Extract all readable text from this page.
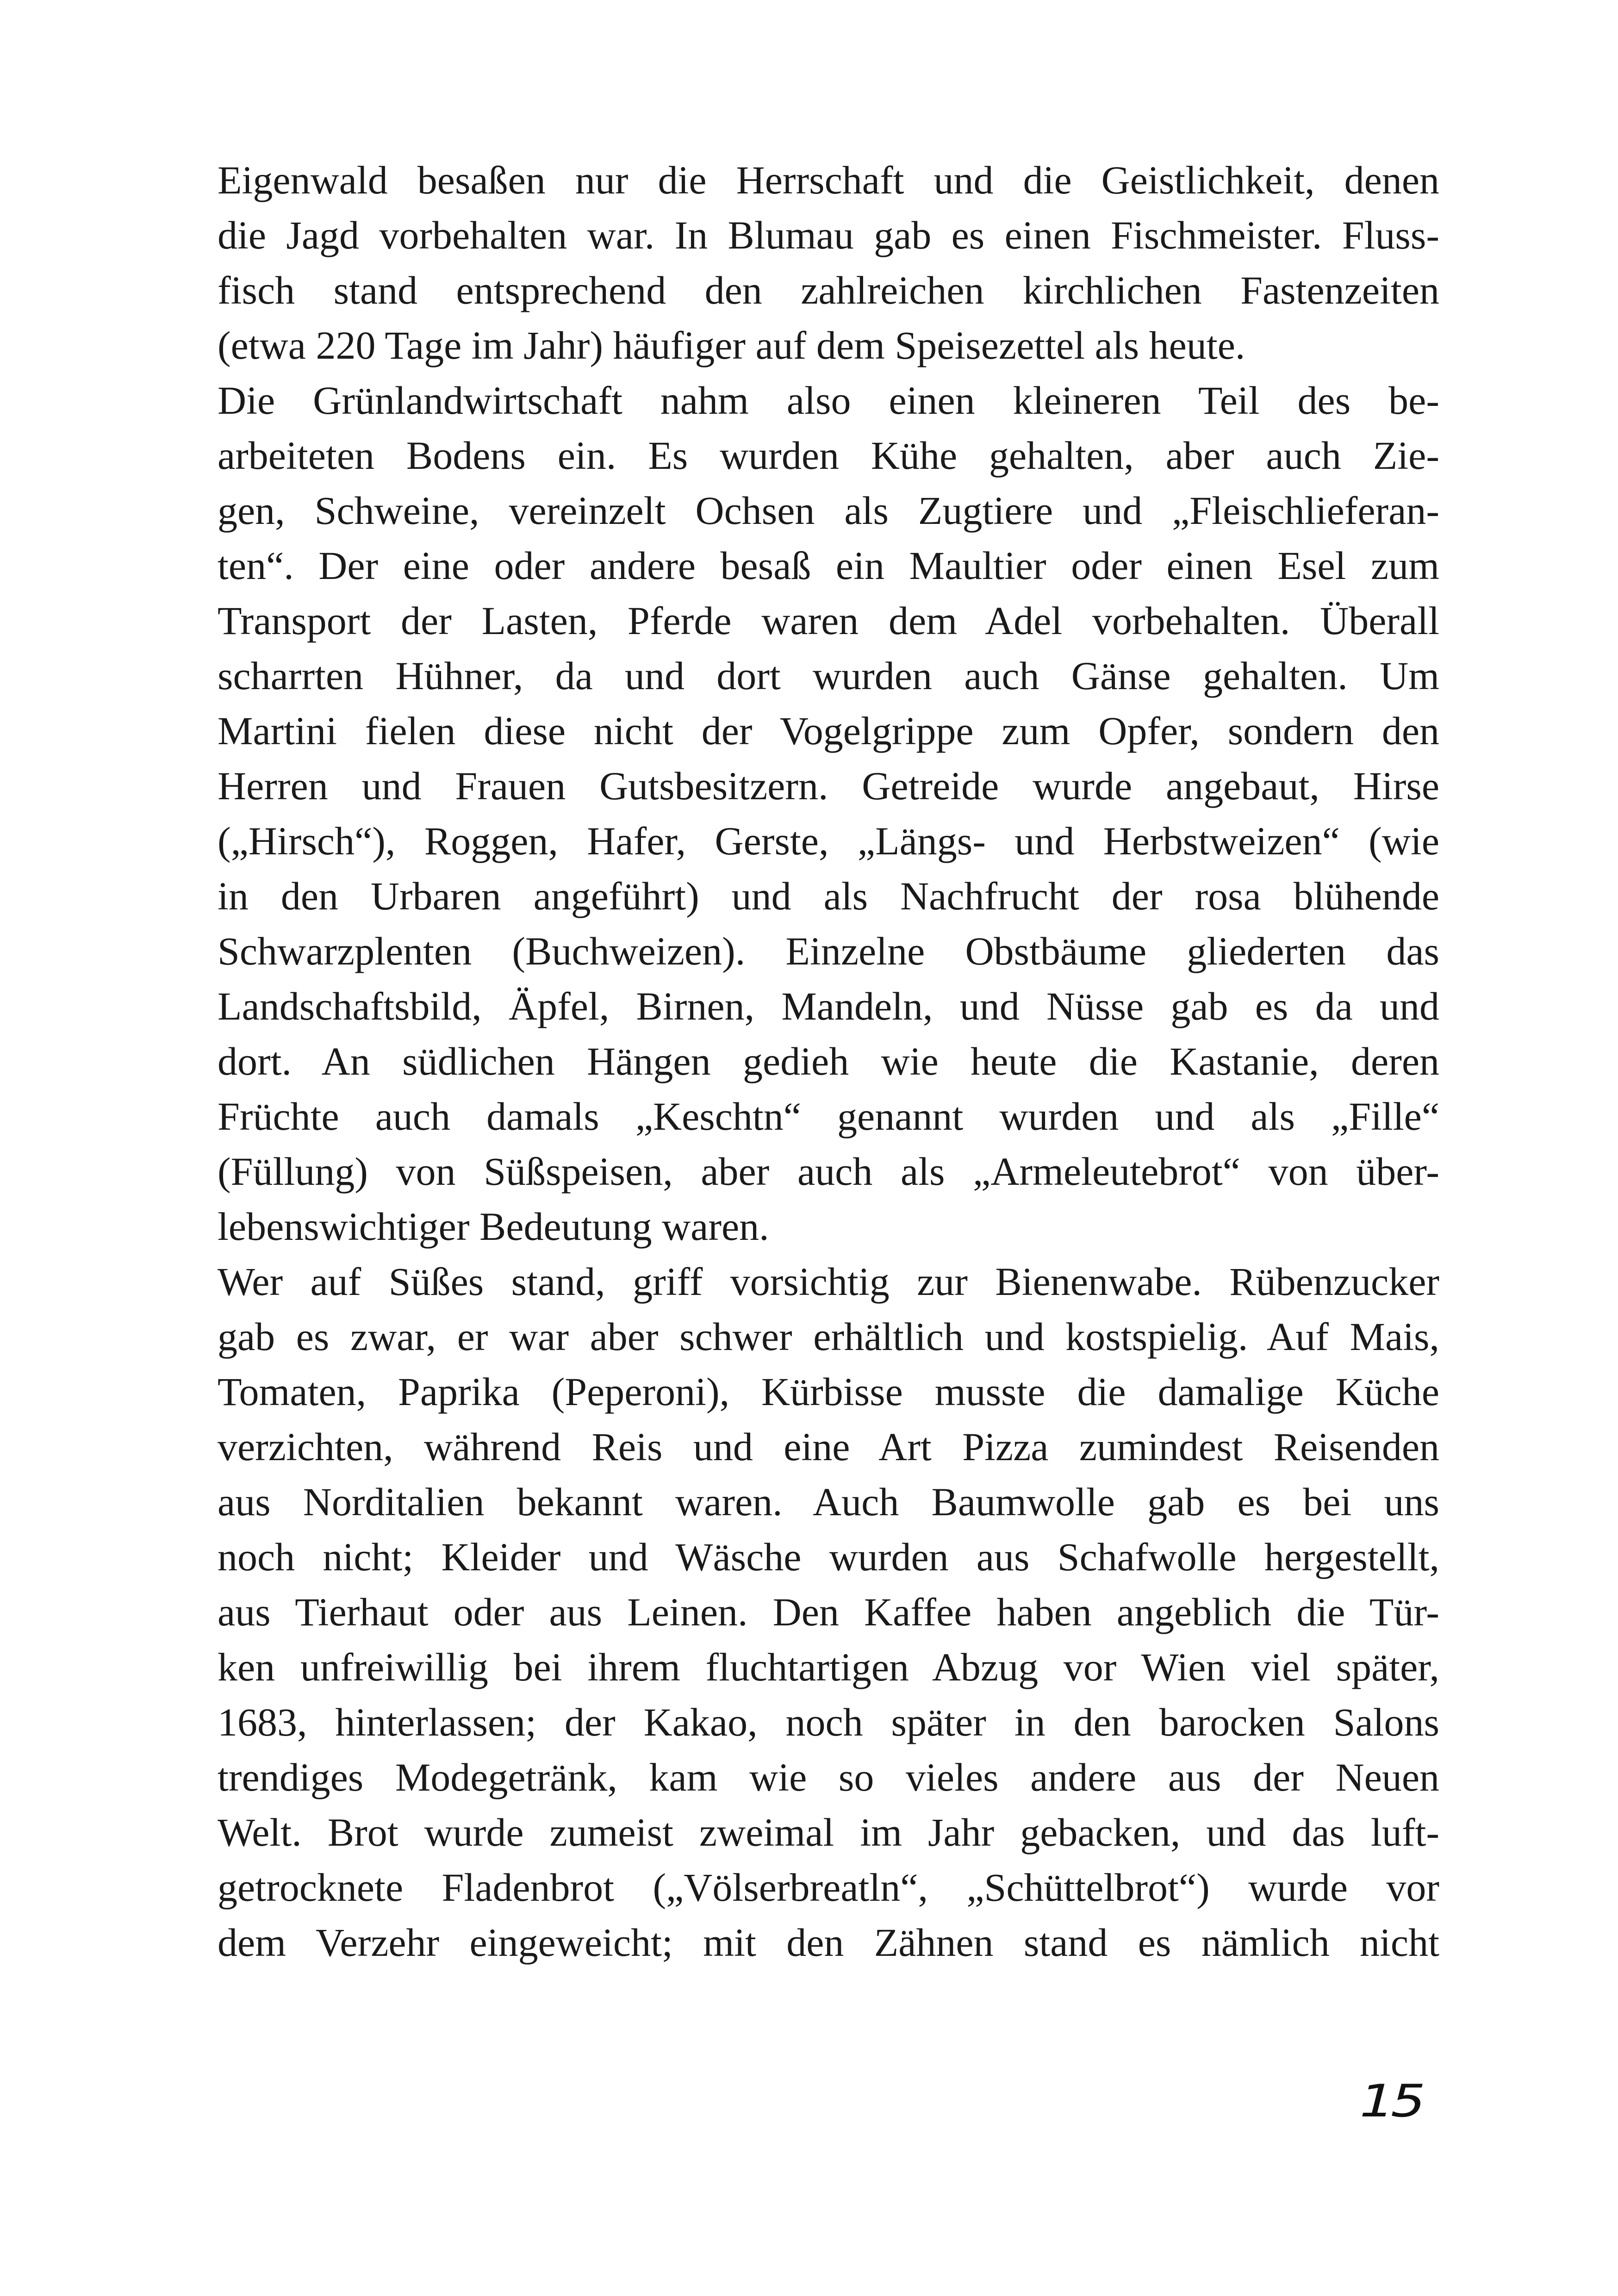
Eigenwald besaßen nur die Herrschaft und die Geistlichkeit, denen
die Jagd vorbehalten war. In Blumau gab es einen Fischmeister. Fluss-
fisch stand entsprechend den zahlreichen kirchlichen Fastenzeiten
(etwa 220 Tage im Jahr) häufiger auf dem Speisezettel als heute.
Die Grünlandwirtschaft nahm also einen kleineren Teil des be-
arbeiteten Bodens ein. Es wurden Kühe gehalten, aber auch Zie-
gen, Schweine, vereinzelt Ochsen als Zugtiere und „Fleischlieferan-
ten“. Der eine oder andere besaß ein Maultier oder einen Esel zum
Transport der Lasten, Pferde waren dem Adel vorbehalten. Überall
scharrten Hühner, da und dort wurden auch Gänse gehalten. Um
Martini fielen diese nicht der Vogelgrippe zum Opfer, sondern den
Herren und Frauen Gutsbesitzern. Getreide wurde angebaut, Hirse
(„Hirsch“), Roggen, Hafer, Gerste, „Längs- und Herbstweizen“ (wie
in den Urbaren angeführt) und als Nachfrucht der rosa blühende
Schwarzplenten (Buchweizen). Einzelne Obstbäume gliederten das
Landschaftsbild, Äpfel, Birnen, Mandeln, und Nüsse gab es da und
dort. An südlichen Hängen gedieh wie heute die Kastanie, deren
Früchte auch damals „Keschtn“ genannt wurden und als „Fille“
(Füllung) von Süßspeisen, aber auch als „Armeleutebrot“ von über-
lebenswichtiger Bedeutung waren.
Wer auf Süßes stand, griff vorsichtig zur Bienenwabe. Rübenzucker
gab es zwar, er war aber schwer erhältlich und kostspielig. Auf Mais,
Tomaten, Paprika (Peperoni), Kürbisse musste die damalige Küche
verzichten, während Reis und eine Art Pizza zumindest Reisenden
aus Norditalien bekannt waren. Auch Baumwolle gab es bei uns
noch nicht; Kleider und Wäsche wurden aus Schafwolle hergestellt,
aus Tierhaut oder aus Leinen. Den Kaffee haben angeblich die Tür-
ken unfreiwillig bei ihrem fluchtartigen Abzug vor Wien viel später,
1683, hinterlassen; der Kakao, noch später in den barocken Salons
trendiges Modegetränk, kam wie so vieles andere aus der Neuen
Welt. Brot wurde zumeist zweimal im Jahr gebacken, und das luft-
getrocknete Fladenbrot („Völserbreatln“, „Schüttelbrot“) wurde vor
dem Verzehr eingeweicht; mit den Zähnen stand es nämlich nicht
15
